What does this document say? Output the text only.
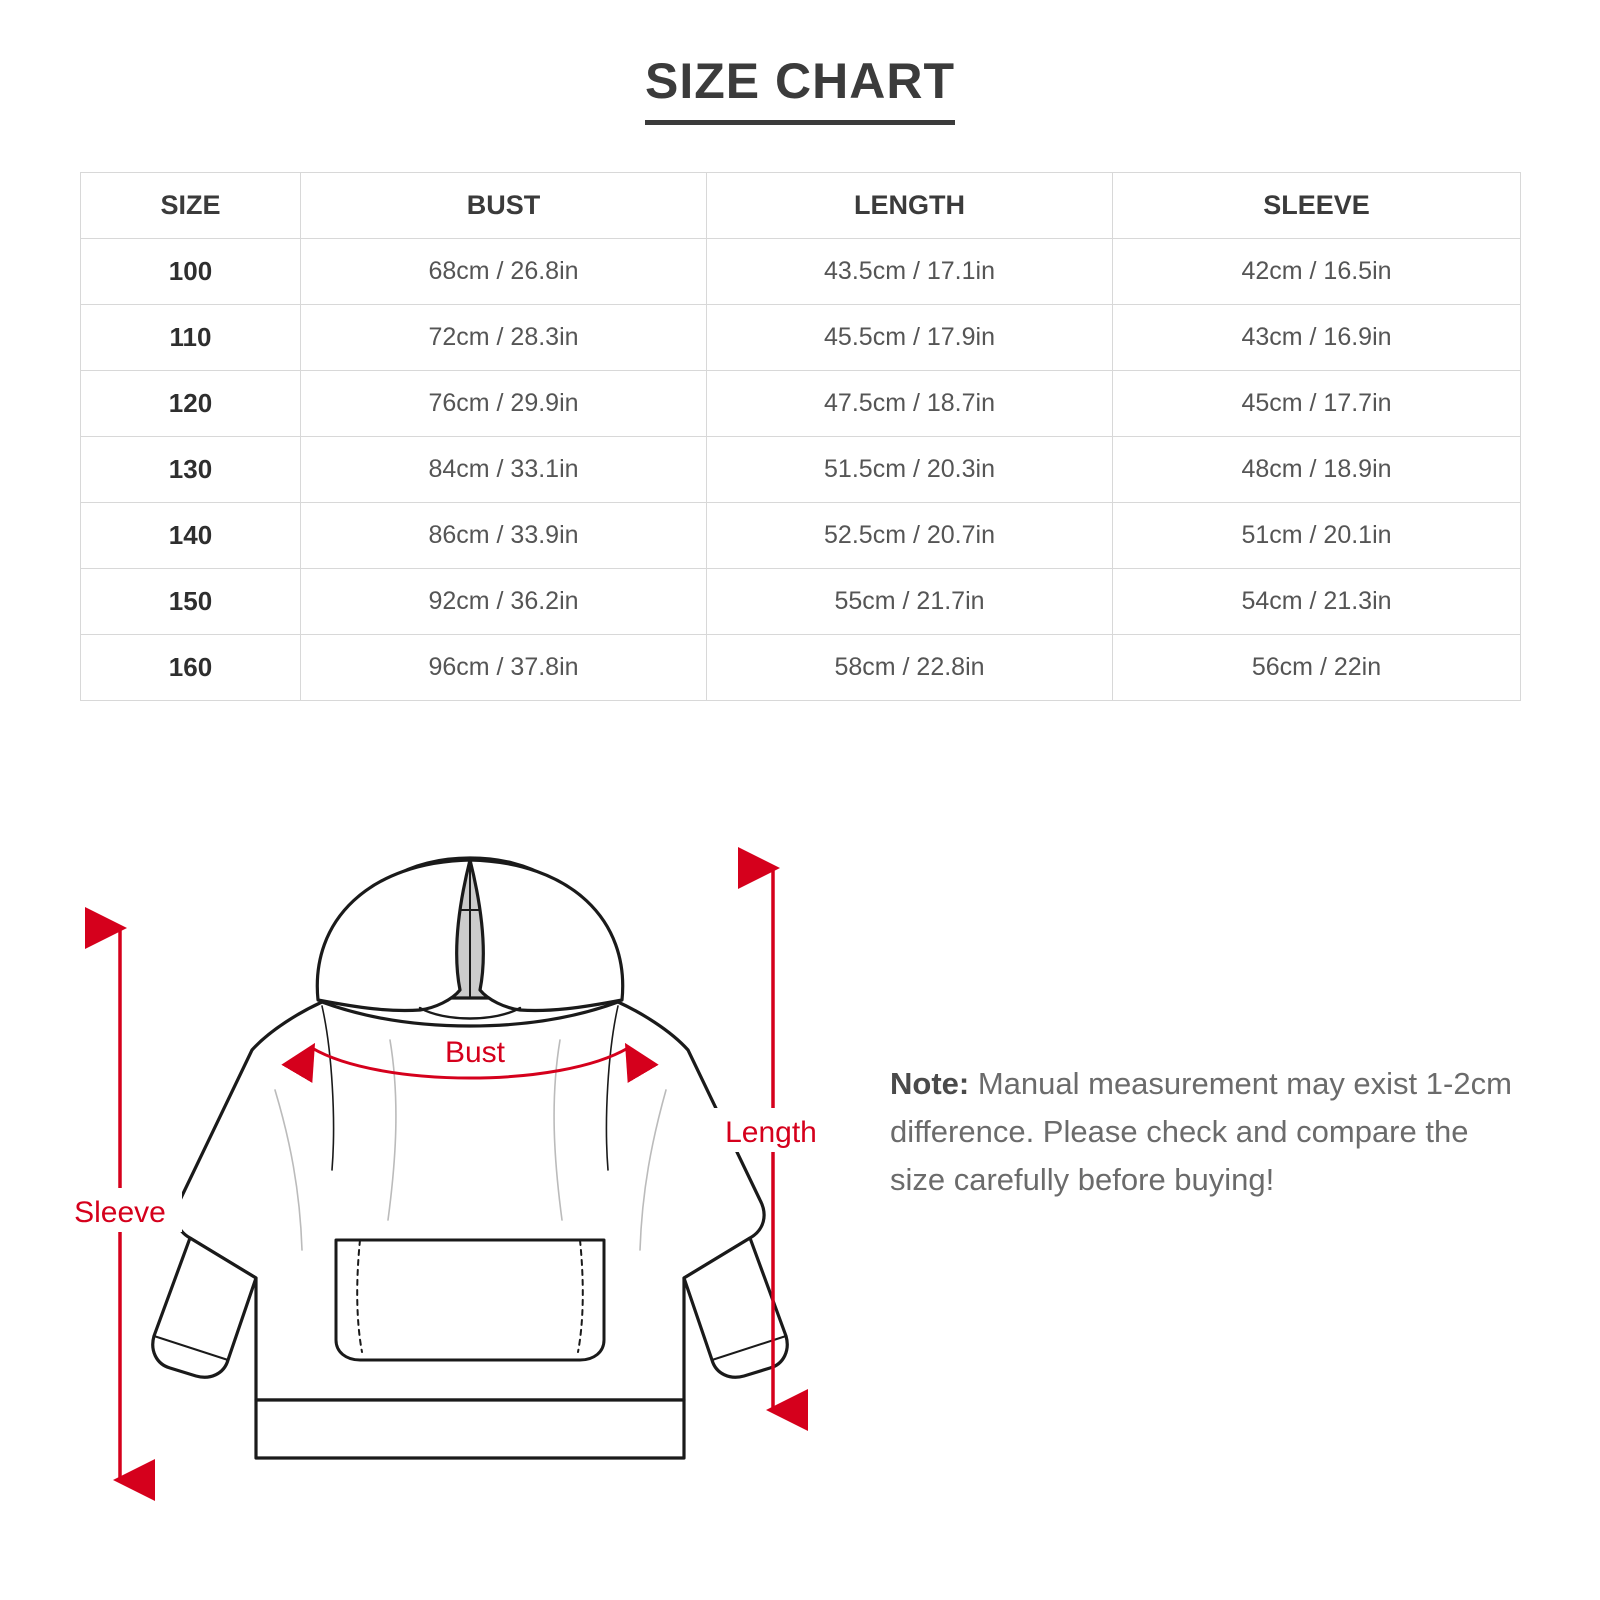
SIZE CHART
SIZE	BUST	LENGTH	SLEEVE
100	68cm / 26.8in	43.5cm / 17.1in	42cm / 16.5in
110	72cm / 28.3in	45.5cm / 17.9in	43cm / 16.9in
120	76cm / 29.9in	47.5cm / 18.7in	45cm / 17.7in
130	84cm / 33.1in	51.5cm / 20.3in	48cm / 18.9in
140	86cm / 33.9in	52.5cm / 20.7in	51cm / 20.1in
150	92cm / 36.2in	55cm / 21.7in	54cm / 21.3in
160	96cm / 37.8in	58cm / 22.8in	56cm / 22in
Bust
Length
Sleeve
Note: Manual measurement may exist 1-2cm difference. Please check and compare the size carefully before buying!
